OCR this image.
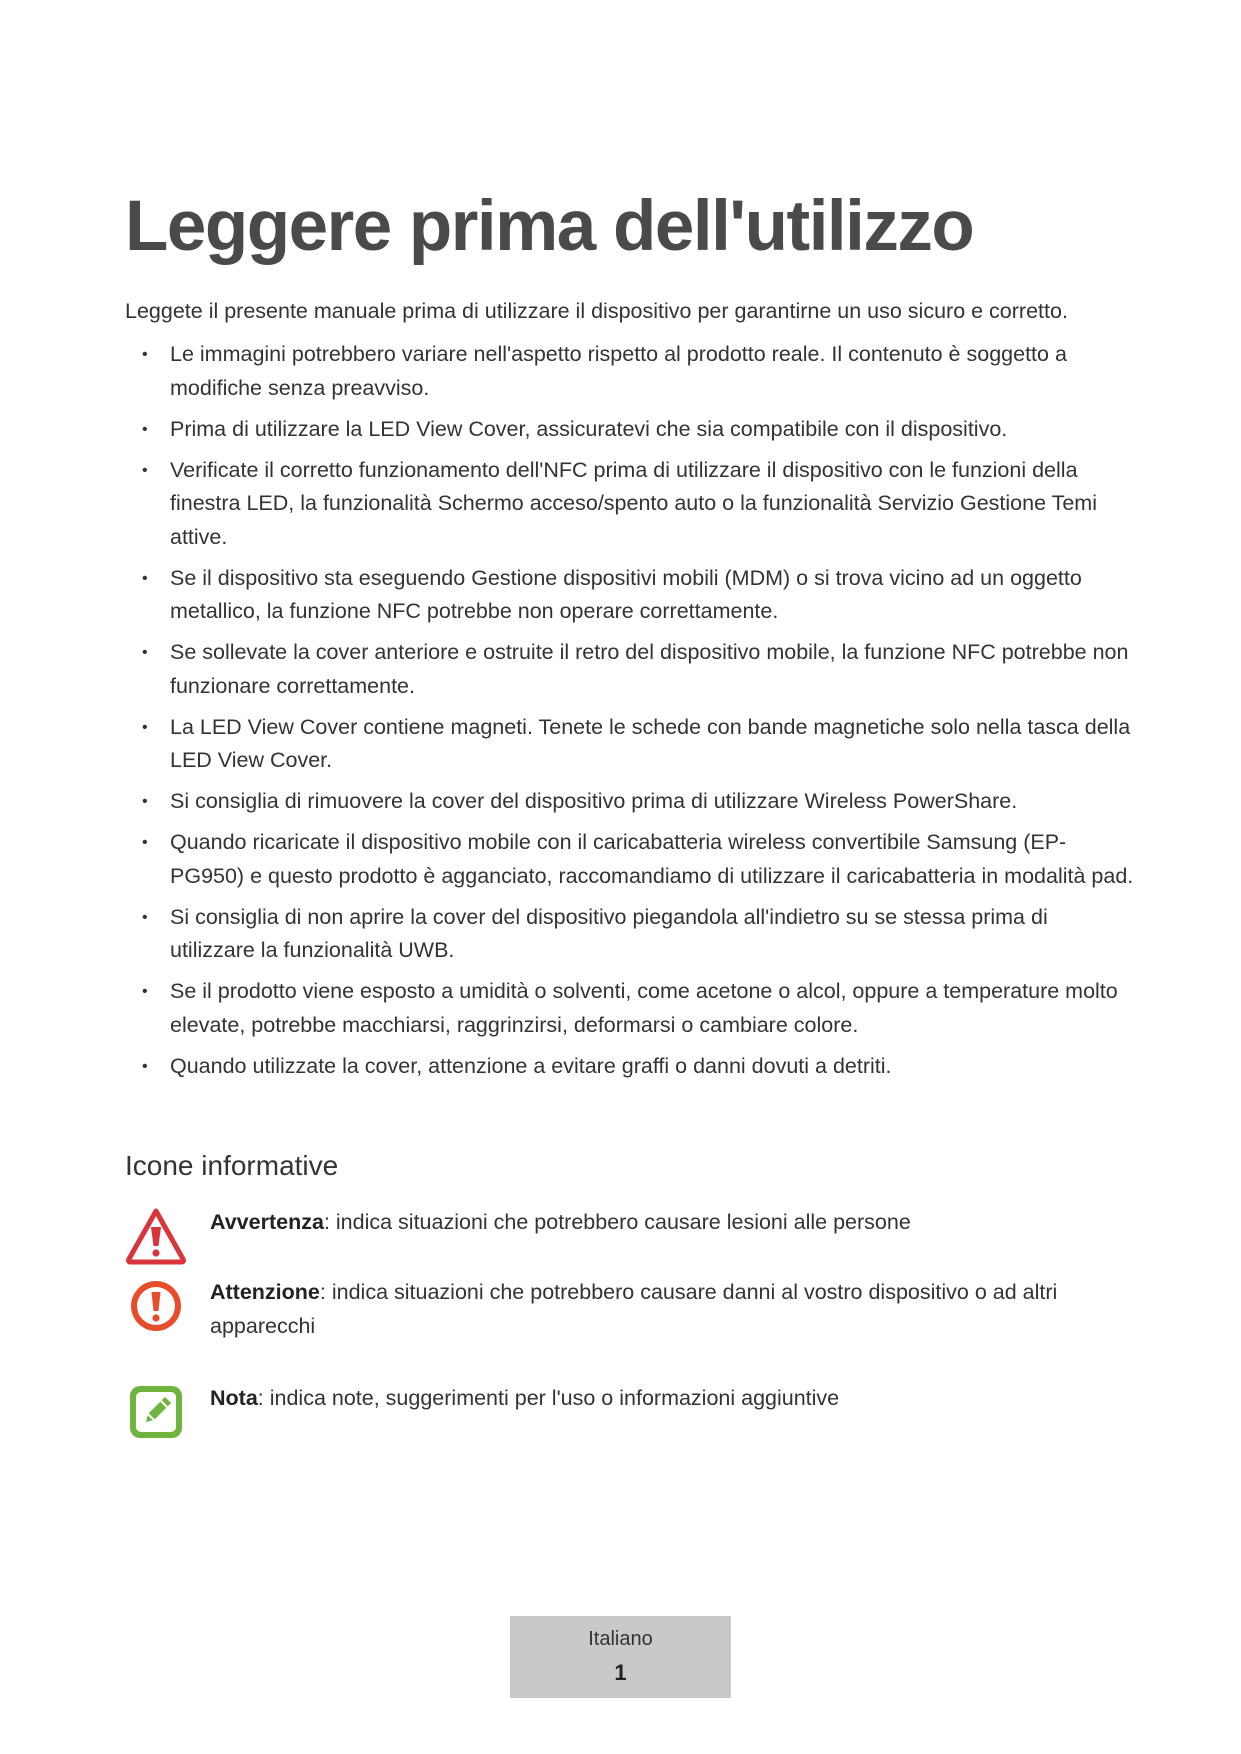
Leggere prima dell'utilizzo

Leggete il presente manuale prima di utilizzare il dispositivo per garantirne un uso sicuro e corretto.

• Le immagini potrebbero variare nell'aspetto rispetto al prodotto reale. Il contenuto è soggetto a modifiche senza preavviso.
• Prima di utilizzare la LED View Cover, assicuratevi che sia compatibile con il dispositivo.
• Verificate il corretto funzionamento dell'NFC prima di utilizzare il dispositivo con le funzioni della finestra LED, la funzionalità Schermo acceso/spento auto o la funzionalità Servizio Gestione Temi attive.
• Se il dispositivo sta eseguendo Gestione dispositivi mobili (MDM) o si trova vicino ad un oggetto metallico, la funzione NFC potrebbe non operare correttamente.
• Se sollevate la cover anteriore e ostruite il retro del dispositivo mobile, la funzione NFC potrebbe non funzionare correttamente.
• La LED View Cover contiene magneti. Tenete le schede con bande magnetiche solo nella tasca della LED View Cover.
• Si consiglia di rimuovere la cover del dispositivo prima di utilizzare Wireless PowerShare.
• Quando ricaricate il dispositivo mobile con il caricabatteria wireless convertibile Samsung (EP-PG950) e questo prodotto è agganciato, raccomandiamo di utilizzare il caricabatteria in modalità pad.
• Si consiglia di non aprire la cover del dispositivo piegandola all'indietro su se stessa prima di utilizzare la funzionalità UWB.
• Se il prodotto viene esposto a umidità o solventi, come acetone o alcol, oppure a temperature molto elevate, potrebbe macchiarsi, raggrinzirsi, deformarsi o cambiare colore.
• Quando utilizzate la cover, attenzione a evitare graffi o danni dovuti a detriti.
Icone informative
Avvertenza: indica situazioni che potrebbero causare lesioni alle persone
Attenzione: indica situazioni che potrebbero causare danni al vostro dispositivo o ad altri apparecchi
Nota: indica note, suggerimenti per l'uso o informazioni aggiuntive
Italiano
1
